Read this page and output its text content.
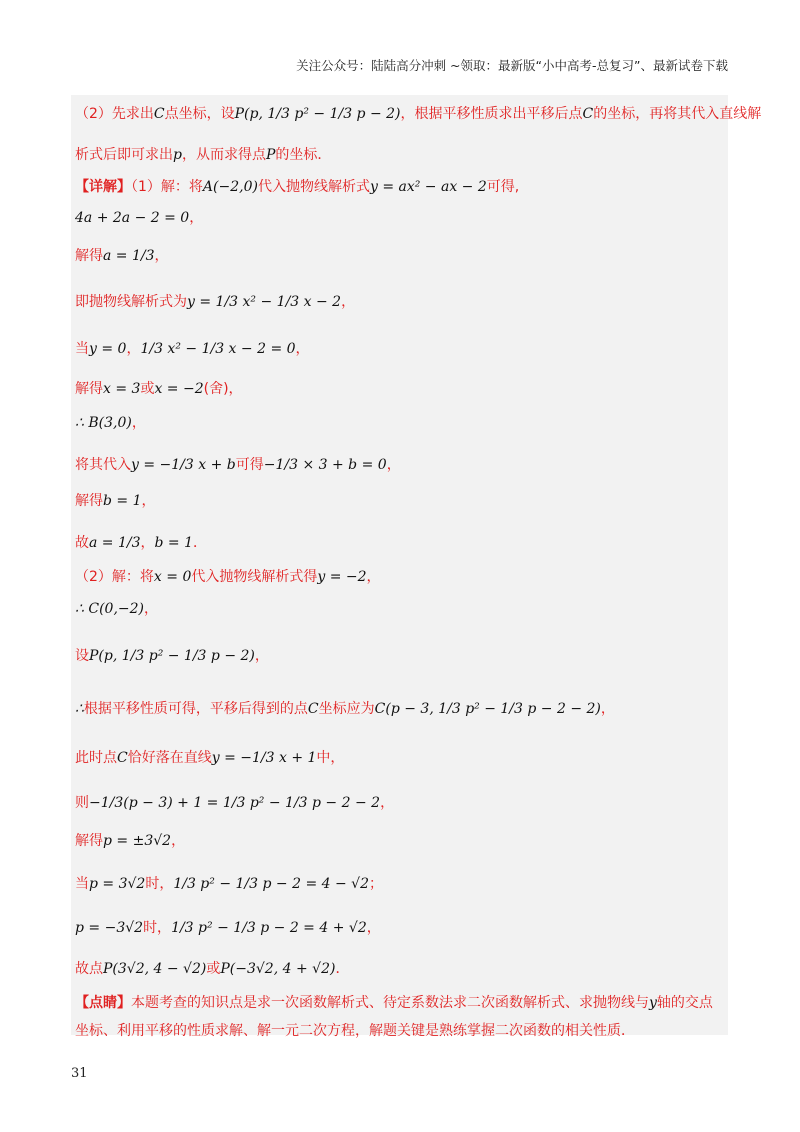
关注公众号：陆陆高分冲刺 ~领取：最新版“小中高考-总复习”、最新试卷下载
（2）先求出C点坐标，设P(p, 1/3 p² − 1/3 p − 2)，根据平移性质求出平移后点C的坐标，再将其代入直线解
析式后即可求出p，从而求得点P的坐标．
【详解】（1）解：将A(−2,0)代入抛物线解析式y = ax² − ax − 2可得,
4a + 2a − 2 = 0，
解得a = 1/3，
即抛物线解析式为y = 1/3 x² − 1/3 x − 2，
当y = 0，1/3 x² − 1/3 x − 2 = 0，
解得x = 3或x = −2(舍)，
∴ B(3,0)，
将其代入y = −1/3 x + b可得−1/3 × 3 + b = 0，
解得b = 1，
故a = 1/3，b = 1．
（2）解：将x = 0代入抛物线解析式得y = −2，
∴ C(0,−2)，
设P(p, 1/3 p² − 1/3 p − 2)，
∴根据平移性质可得，平移后得到的点C坐标应为C(p − 3, 1/3 p² − 1/3 p − 2 − 2)，
此时点C恰好落在直线y = −1/3 x + 1中，
则−1/3(p − 3) + 1 = 1/3 p² − 1/3 p − 2 − 2，
解得p = ±3√2，
当p = 3√2时，1/3 p² − 1/3 p − 2 = 4 − √2；
p = −3√2时，1/3 p² − 1/3 p − 2 = 4 + √2，
故点P(3√2, 4 − √2)或P(−3√2, 4 + √2)．
【点睛】本题考查的知识点是求一次函数解析式、待定系数法求二次函数解析式、求抛物线与y轴的交点
坐标、利用平移的性质求解、解一元二次方程，解题关键是熟练掌握二次函数的相关性质．
31
